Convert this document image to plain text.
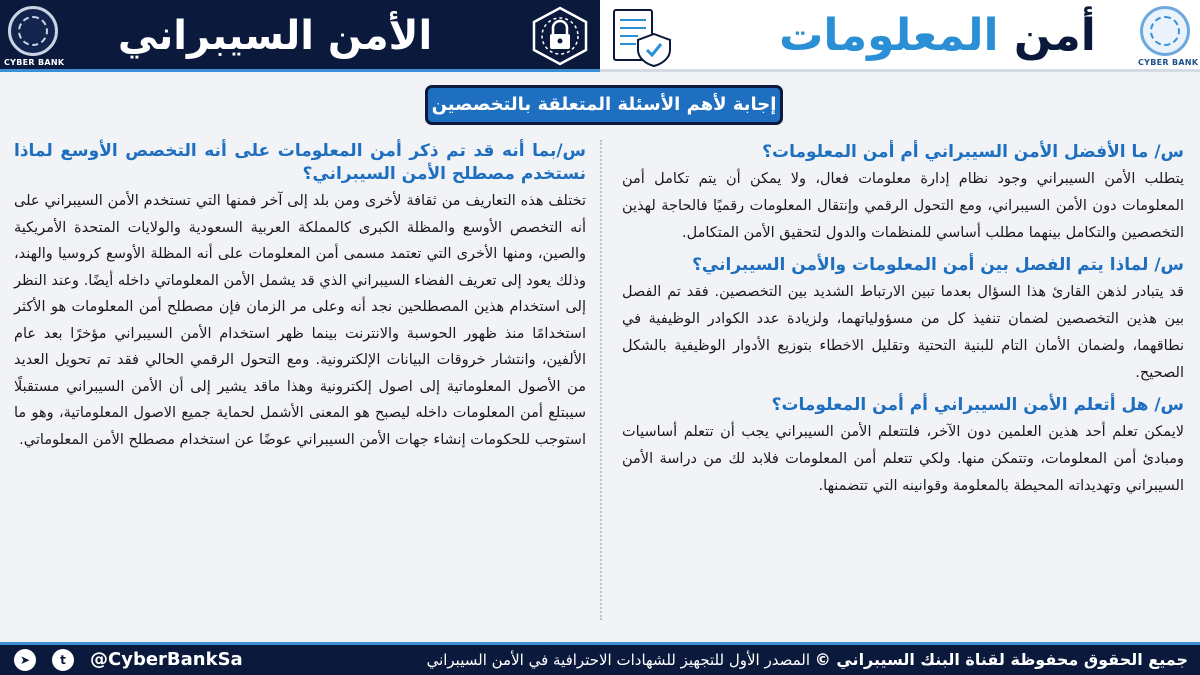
CYBER BANK
الأمن السيبراني	أمن المعلومات
CYBER BANK
إجابة لأهم الأسئلة المتعلقة بالتخصصين
س/ ما الأفضل الأمن السيبراني أم أمن المعلومات؟
يتطلب الأمن السيبراني وجود نظام إدارة معلومات فعال، ولا يمكن أن يتم تكامل أمن المعلومات دون الأمن السيبراني، ومع التحول الرقمي وإنتقال المعلومات رقميًا فالحاجة لهذين التخصصين والتكامل بينهما مطلب أساسي للمنظمات والدول لتحقيق الأمن المتكامل.
س/ لماذا يتم الفصل بين أمن المعلومات والأمن السيبراني؟
قد يتبادر لذهن القارئ هذا السؤال بعدما تبين الارتباط الشديد بين التخصصين. فقد تم الفصل بين هذين التخصصين لضمان تنفيذ كل من مسؤولياتهما، ولزيادة عدد الكوادر الوظيفية في نطاقهما، ولضمان الأمان التام للبنية التحتية وتقليل الاخطاء بتوزيع الأدوار الوظيفية بالشكل الصحيح.
س/ هل أتعلم الأمن السيبراني أم أمن المعلومات؟
لايمكن تعلم أحد هذين العلمين دون الآخر، فلتتعلم الأمن السيبراني يجب أن تتعلم أساسيات ومبادئ أمن المعلومات، وتتمكن منها. ولكي تتعلم أمن المعلومات فلابد لك من دراسة الأمن السيبراني وتهديداته المحيطة بالمعلومة وقوانينه التي تتضمنها.
س/بما أنه قد تم ذكر أمن المعلومات على أنه التخصص الأوسع لماذا نستخدم مصطلح الأمن السيبراني؟
تختلف هذه التعاريف من ثقافة لأخرى ومن بلد إلى آخر فمنها التي تستخدم الأمن السيبراني على أنه التخصص الأوسع والمظلة الكبرى كالمملكة العربية السعودية والولايات المتحدة الأمريكية والصين، ومنها الأخرى التي تعتمد مسمى أمن المعلومات على أنه المظلة الأوسع كروسيا والهند، وذلك يعود إلى تعريف الفضاء السيبراني الذي قد يشمل الأمن المعلوماتي داخله أيضًا. وعند النظر إلى استخدام هذين المصطلحين نجد أنه وعلى مر الزمان فإن مصطلح أمن المعلومات هو الأكثر استخدامًا منذ ظهور الحوسبة والانترنت بينما ظهر استخدام الأمن السيبراني مؤخرًا بعد عام الألفين، وانتشار خروقات البيانات الإلكترونية. ومع التحول الرقمي الحالي فقد تم تحويل العديد من الأصول المعلوماتية إلى اصول إلكترونية وهذا ماقد يشير إلى أن الأمن السيبراني مستقبلًا سيبتلع أمن المعلومات داخله ليصبح هو المعنى الأشمل لحماية جميع الاصول المعلوماتية، وهو ما استوجب للحكومات إنشاء جهات الأمن السيبراني عوضًا عن استخدام مصطلح الأمن المعلوماتي.
➤	t	@CyberBankSa	جميع الحقوق محفوظة لقناة البنك السيبراني © المصدر الأول للتجهيز للشهادات الاحترافية في الأمن السيبراني
